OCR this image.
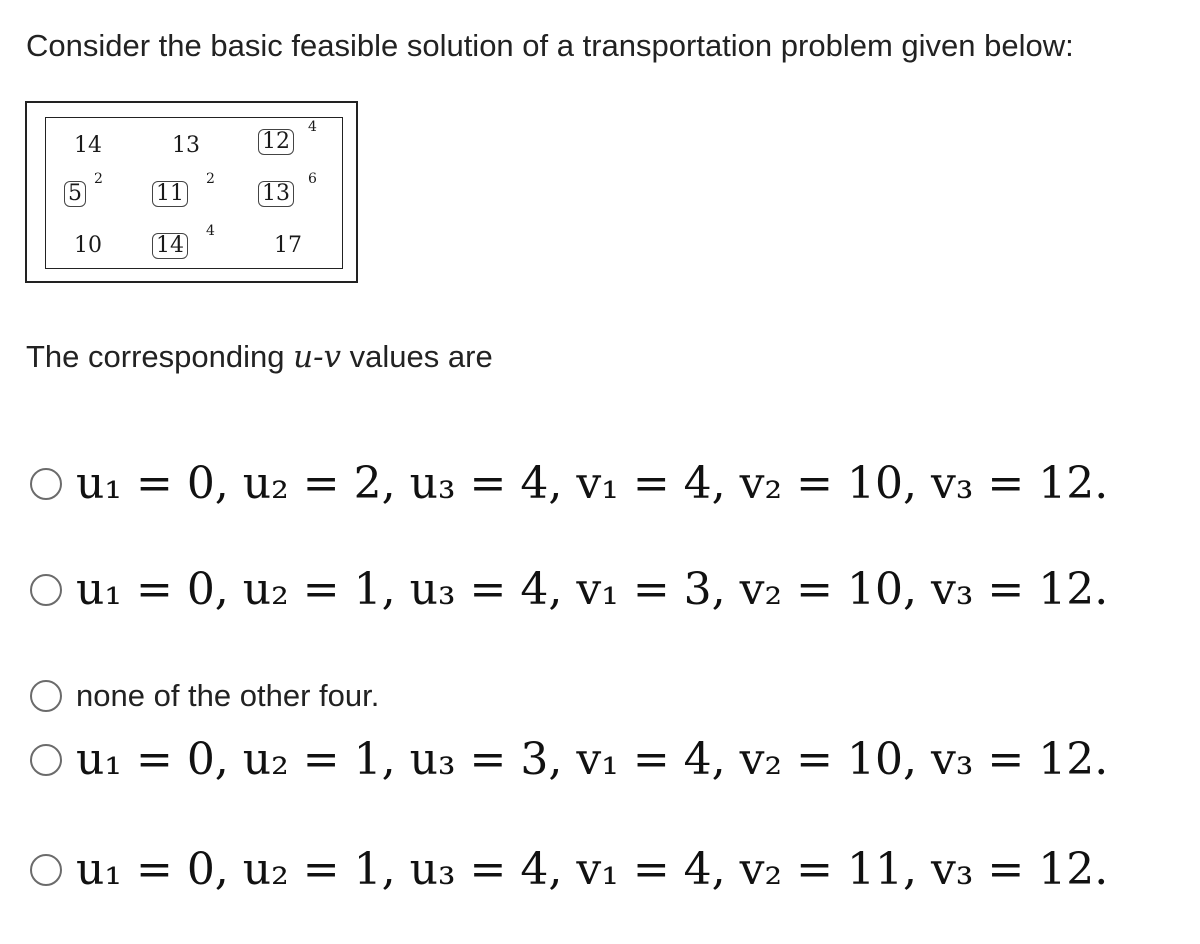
Consider the basic feasible solution of a transportation problem given below:
14	13	12
4
5
2
11
2
13
6
10 14
4
17
The corresponding u-v values are
u₁ = 0, u₂ = 2, u₃ = 4, v₁ = 4, v₂ = 10, v₃ = 12.
u₁ = 0, u₂ = 1, u₃ = 4, v₁ = 3, v₂ = 10, v₃ = 12.
none of the other four.
u₁ = 0, u₂ = 1, u₃ = 3, v₁ = 4, v₂ = 10, v₃ = 12.
u₁ = 0, u₂ = 1, u₃ = 4, v₁ = 4, v₂ = 11, v₃ = 12.
